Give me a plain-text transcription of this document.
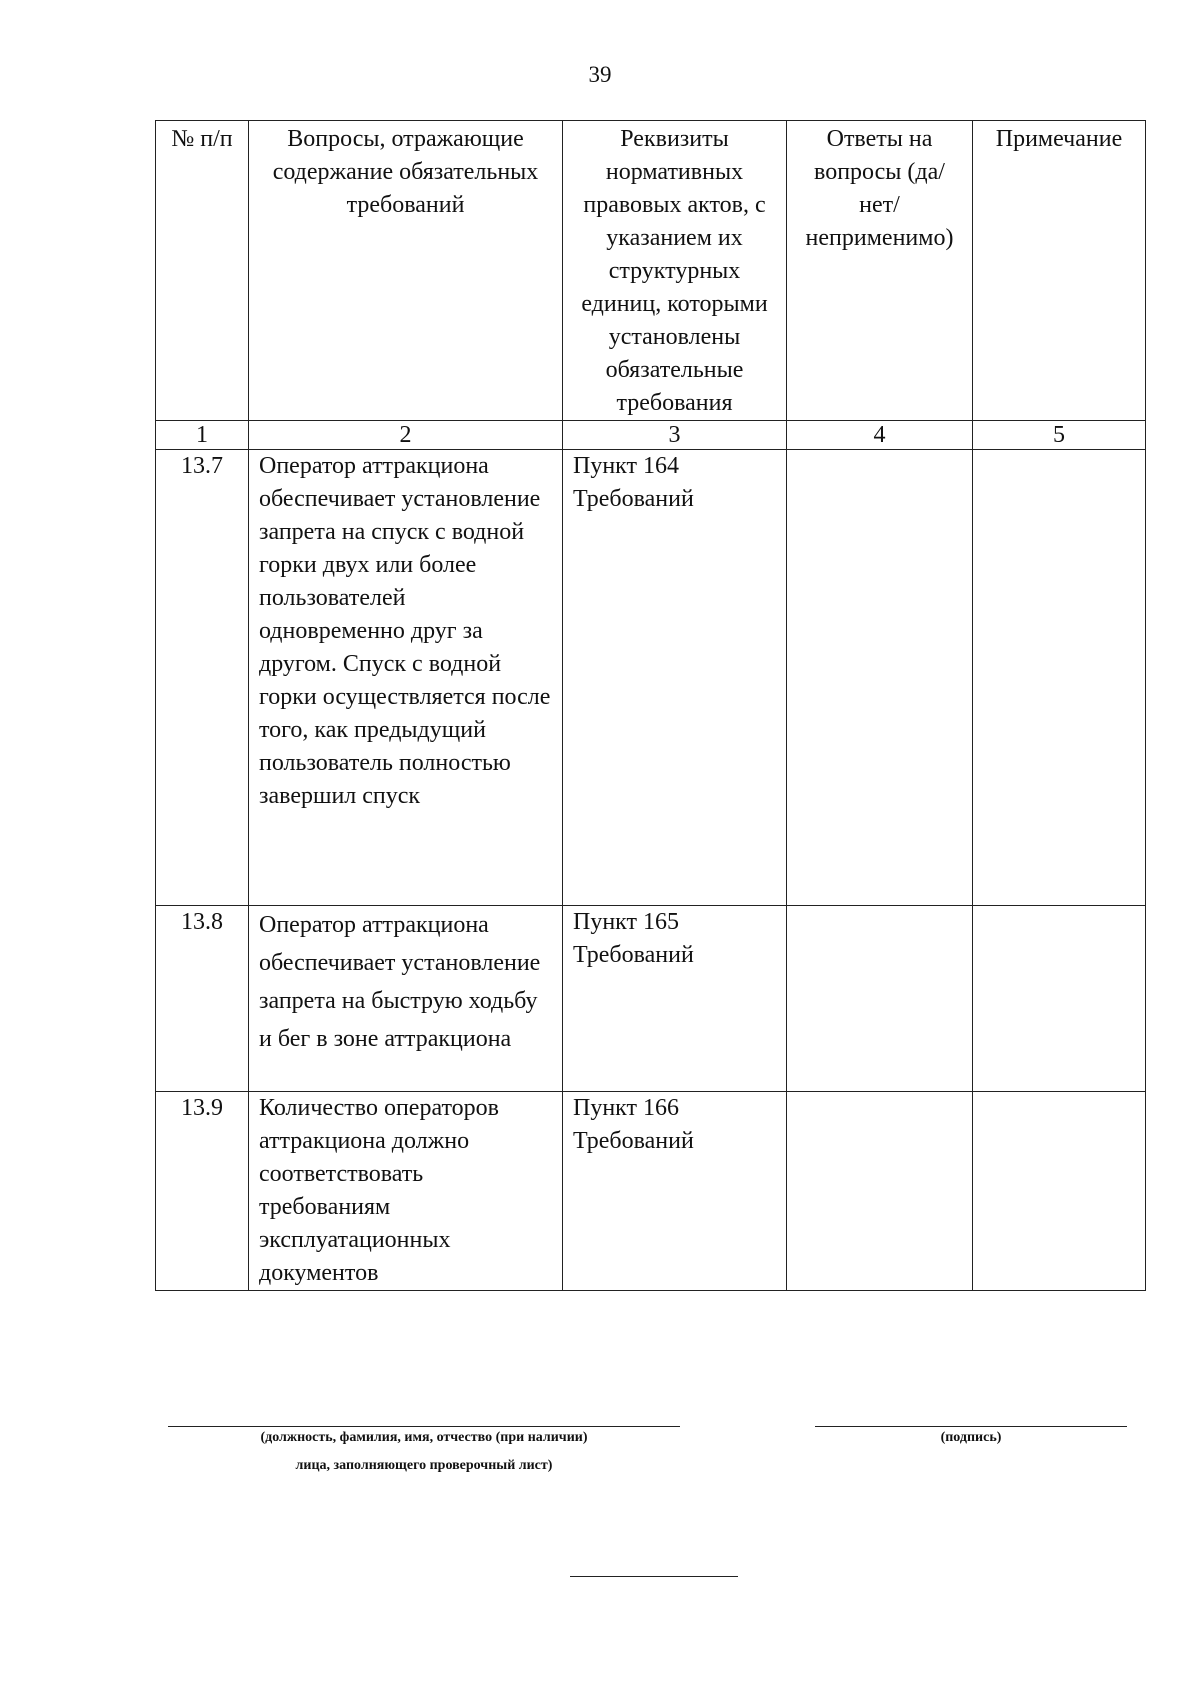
39
№ п/п	Вопросы, отражающие содержание обязательных требований	Реквизиты нормативных правовых актов, с указанием их структурных единиц, которыми установлены обязательные требования	Ответы на вопросы (да/нет/ неприменимо)	Примечание
1	2	3	4	5
13.7	Оператор аттракциона обеспечивает установление запрета на спуск с водной горки двух или более пользователей одновременно друг за другом. Спуск с водной горки осуществляется после того, как предыдущий пользователь полностью завершил спуск	Пункт 164
Требований		

13.8	Оператор аттракциона обеспечивает установление запрета на быструю ходьбу и бег в зоне аттракциона	Пункт 165
Требований		

13.9	Количество операторов аттракциона должно соответствовать требованиям эксплуатационных документов	Пункт 166
Требований		

(должность, фамилия, имя, отчество (при наличии)
лица, заполняющего проверочный лист)
(подпись)
